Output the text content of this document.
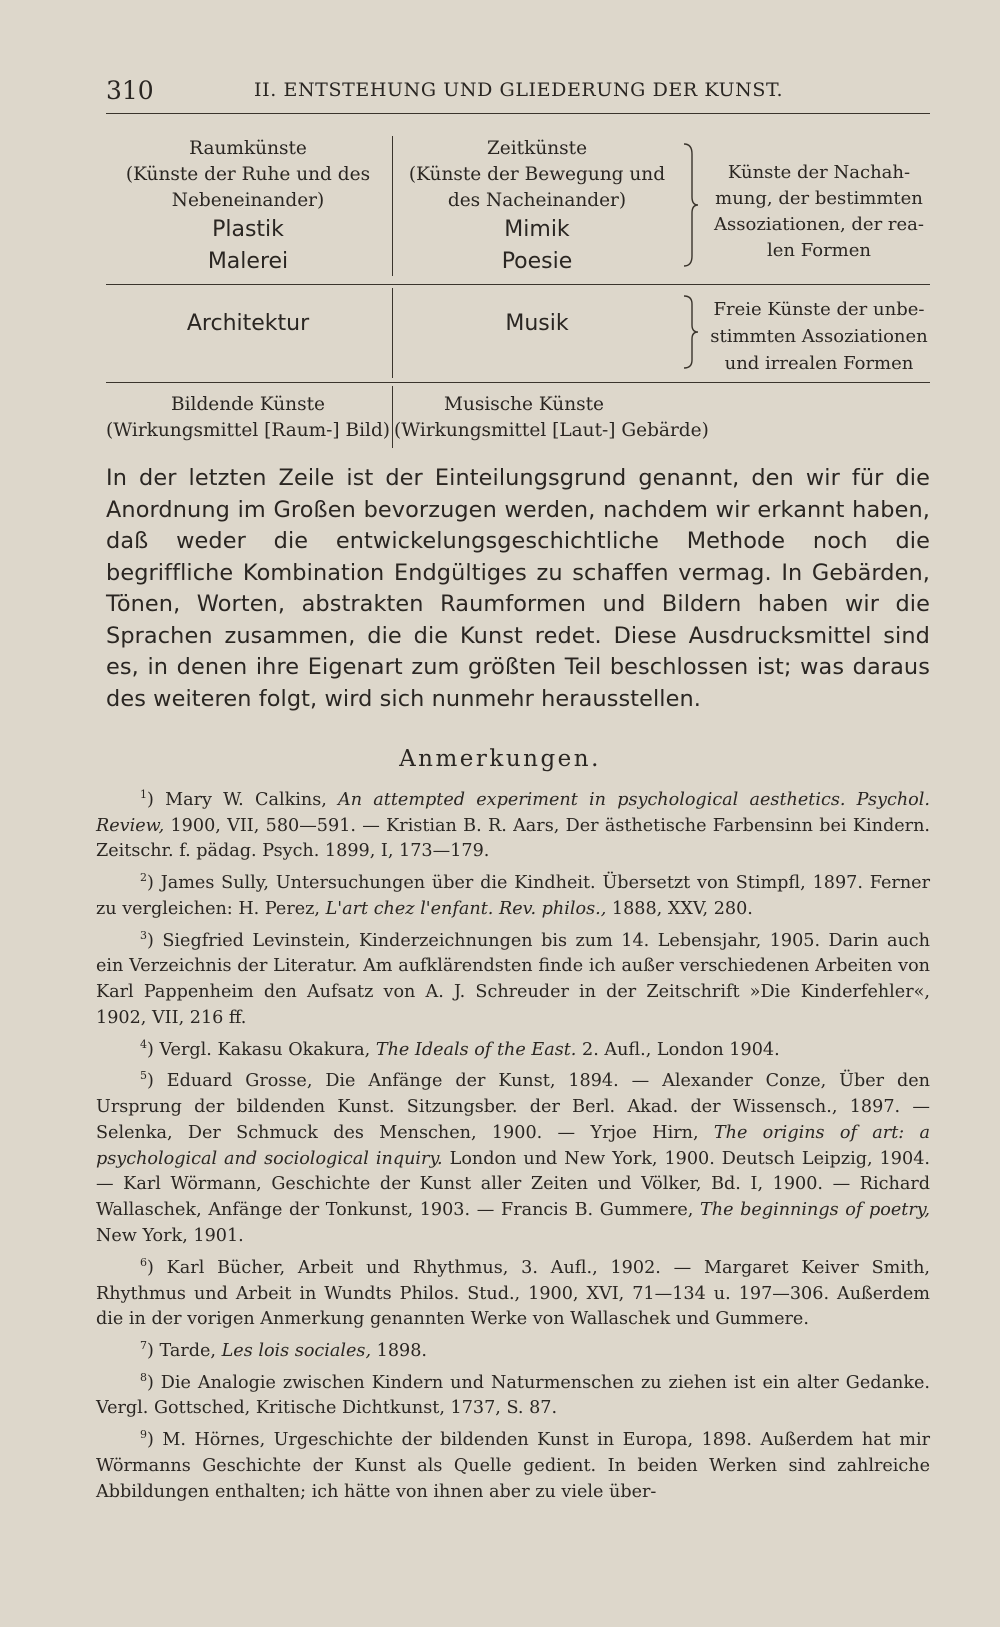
310	II. ENTSTEHUNG UND GLIEDERUNG DER KUNST.
Raumkünste
(Künste der Ruhe und des
Nebeneinander)
Plastik
Malerei
Zeitkünste
(Künste der Bewegung und
des Nacheinander)
Mimik
Poesie
Künste der Nachah-
mung, der bestimmten
Assoziationen, der rea-
len Formen
Architektur	Musik
Freie Künste der unbe-
stimmten Assoziationen
und irrealen Formen
Bildende Künste
(Wirkungsmittel [Raum-] Bild)
Musische Künste
(Wirkungsmittel [Laut-] Gebärde)
In der letzten Zeile ist der Einteilungsgrund genannt, den wir für die Anordnung im Großen bevorzugen werden, nachdem wir erkannt haben, daß weder die entwickelungsgeschichtliche Methode noch die begriffliche Kombination Endgültiges zu schaffen vermag. In Gebärden, Tönen, Worten, abstrakten Raumformen und Bildern haben wir die Sprachen zusammen, die die Kunst redet. Diese Ausdrucksmittel sind es, in denen ihre Eigenart zum größten Teil beschlossen ist; was daraus des weiteren folgt, wird sich nunmehr herausstellen.
Anmerkungen.

$^1$) Mary W. Calkins, An attempted experiment in psychological aesthetics. Psychol. Review, 1900, VII, 580—591. — Kristian B. R. Aars, Der ästhetische Farbensinn bei Kindern. Zeitschr. f. pädag. Psych. 1899, I, 173—179.

$^2$) James Sully, Untersuchungen über die Kindheit. Übersetzt von Stimpfl, 1897. Ferner zu vergleichen: H. Perez, L'art chez l'enfant. Rev. philos., 1888, XXV, 280.

$^3$) Siegfried Levinstein, Kinderzeichnungen bis zum 14. Lebensjahr, 1905. Darin auch ein Verzeichnis der Literatur. Am aufklärendsten finde ich außer verschiedenen Arbeiten von Karl Pappenheim den Aufsatz von A. J. Schreuder in der Zeitschrift »Die Kinderfehler«, 1902, VII, 216 ff.

$^4$) Vergl. Kakasu Okakura, The Ideals of the East. 2. Aufl., London 1904.

$^5$) Eduard Grosse, Die Anfänge der Kunst, 1894. — Alexander Conze, Über den Ursprung der bildenden Kunst. Sitzungsber. der Berl. Akad. der Wissensch., 1897. — Selenka, Der Schmuck des Menschen, 1900. — Yrjoe Hirn, The origins of art: a psychological and sociological inquiry. London und New York, 1900. Deutsch Leipzig, 1904. — Karl Wörmann, Geschichte der Kunst aller Zeiten und Völker, Bd. I, 1900. — Richard Wallaschek, Anfänge der Tonkunst, 1903. — Francis B. Gummere, The beginnings of poetry, New York, 1901.

$^6$) Karl Bücher, Arbeit und Rhythmus, 3. Aufl., 1902. — Margaret Keiver Smith, Rhythmus und Arbeit in Wundts Philos. Stud., 1900, XVI, 71—134 u. 197—306. Außerdem die in der vorigen Anmerkung genannten Werke von Wallaschek und Gummere.

$^7$) Tarde, Les lois sociales, 1898.

$^8$) Die Analogie zwischen Kindern und Naturmenschen zu ziehen ist ein alter Gedanke. Vergl. Gottsched, Kritische Dichtkunst, 1737, S. 87.

$^9$) M. Hörnes, Urgeschichte der bildenden Kunst in Europa, 1898. Außerdem hat mir Wörmanns Geschichte der Kunst als Quelle gedient. In beiden Werken sind zahlreiche Abbildungen enthalten; ich hätte von ihnen aber zu viele über-
